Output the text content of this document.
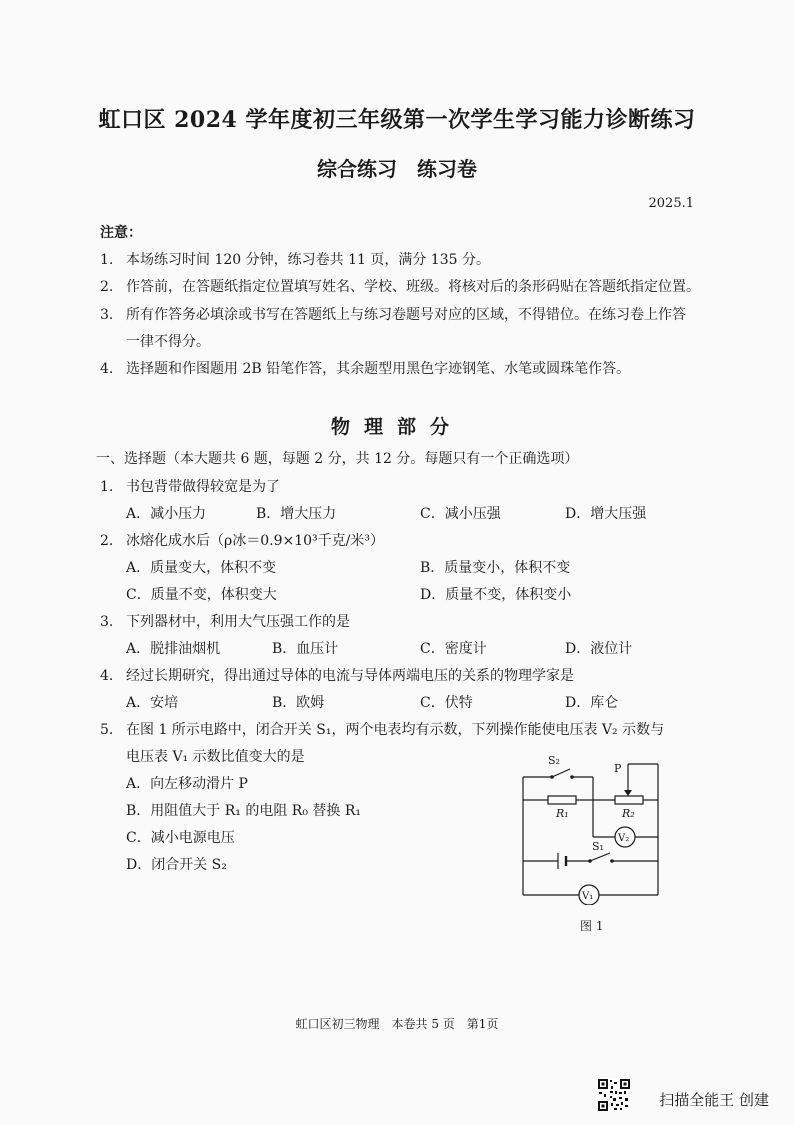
虹口区 2024 学年度初三年级第一次学生学习能力诊断练习
综合练习　练习卷
2025.1
注意：
1. 本场练习时间 120 分钟，练习卷共 11 页，满分 135 分。
2. 作答前，在答题纸指定位置填写姓名、学校、班级。将核对后的条形码贴在答题纸指定位置。
3. 所有作答务必填涂或书写在答题纸上与练习卷题号对应的区域，不得错位。在练习卷上作答
一律不得分。
4. 选择题和作图题用 2B 铅笔作答，其余题型用黑色字迹钢笔、水笔或圆珠笔作答。
物理部分
一、选择题（本大题共 6 题，每题 2 分，共 12 分。每题只有一个正确选项）
1. 书包背带做得较宽是为了
A．减小压力	B．增大压力	C．减小压强	D．增大压强
2. 冰熔化成水后（ρ冰＝0.9×10³千克/米³）
A．质量变大，体积不变	B．质量变小，体积不变
C．质量不变，体积变大	D．质量不变，体积变小
3. 下列器材中，利用大气压强工作的是
A．脱排油烟机	B．血压计	C．密度计	D．液位计
4. 经过长期研究，得出通过导体的电流与导体两端电压的关系的物理学家是
A．安培	B．欧姆	C．伏特	D．库仑
5. 在图 1 所示电路中，闭合开关 S₁，两个电表均有示数，下列操作能使电压表 V₂ 示数与
电压表 V₁ 示数比值变大的是
A．向左移动滑片 P
B．用阻值大于 R₁ 的电阻 R₀ 替换 R₁
C．减小电源电压
D．闭合开关 S₂
S₂
P
R₁	R₂
V₂
S₁
V₁
图 1
虹口区初三物理　本卷共 5 页　第1页
扫描全能王 创建
